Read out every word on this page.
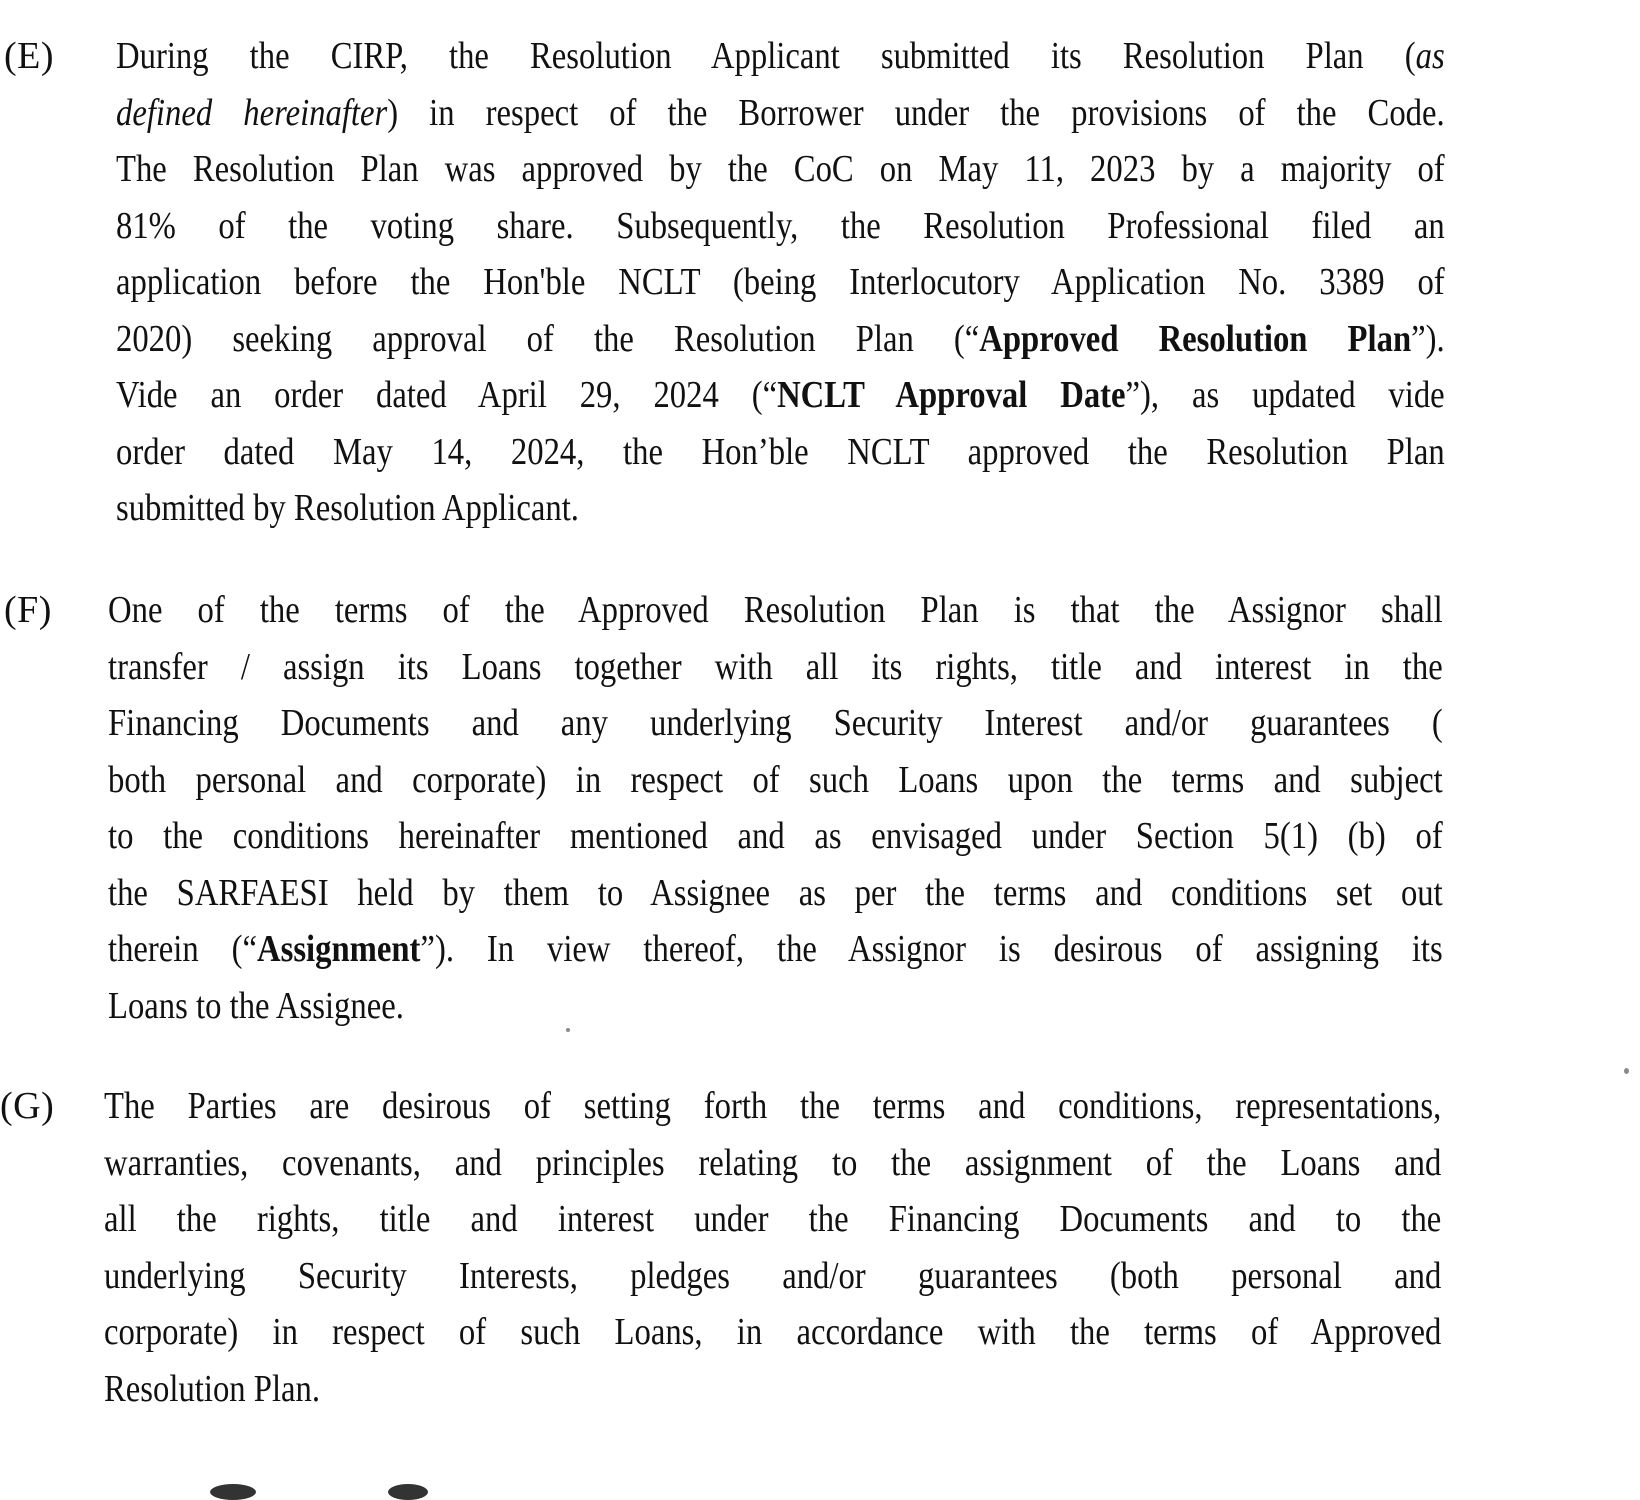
(E) During the CIRP, the Resolution Applicant submitted its Resolution Plan (as
defined hereinafter) in respect of the Borrower under the provisions of the Code.
The Resolution Plan was approved by the CoC on May 11, 2023 by a majority of
81% of the voting share. Subsequently, the Resolution Professional filed an
application before the Hon'ble NCLT (being Interlocutory Application No. 3389 of
2020) seeking approval of the Resolution Plan (“Approved Resolution Plan”).
Vide an order dated April 29, 2024 (“NCLT Approval Date”), as updated vide
order dated May 14, 2024, the Hon’ble NCLT approved the Resolution Plan
submitted by Resolution Applicant.
(F) One of the terms of the Approved Resolution Plan is that the Assignor shall
transfer / assign its Loans together with all its rights, title and interest in the
Financing Documents and any underlying Security Interest and/or guarantees (
both personal and corporate) in respect of such Loans upon the terms and subject
to the conditions hereinafter mentioned and as envisaged under Section 5(1) (b) of
the SARFAESI held by them to Assignee as per the terms and conditions set out
therein (“Assignment”). In view thereof, the Assignor is desirous of assigning its
Loans to the Assignee.
(G) The Parties are desirous of setting forth the terms and conditions, representations,
warranties, covenants, and principles relating to the assignment of the Loans and
all the rights, title and interest under the Financing Documents and to the
underlying Security Interests, pledges and/or guarantees (both personal and
corporate) in respect of such Loans, in accordance with the terms of Approved
Resolution Plan.
